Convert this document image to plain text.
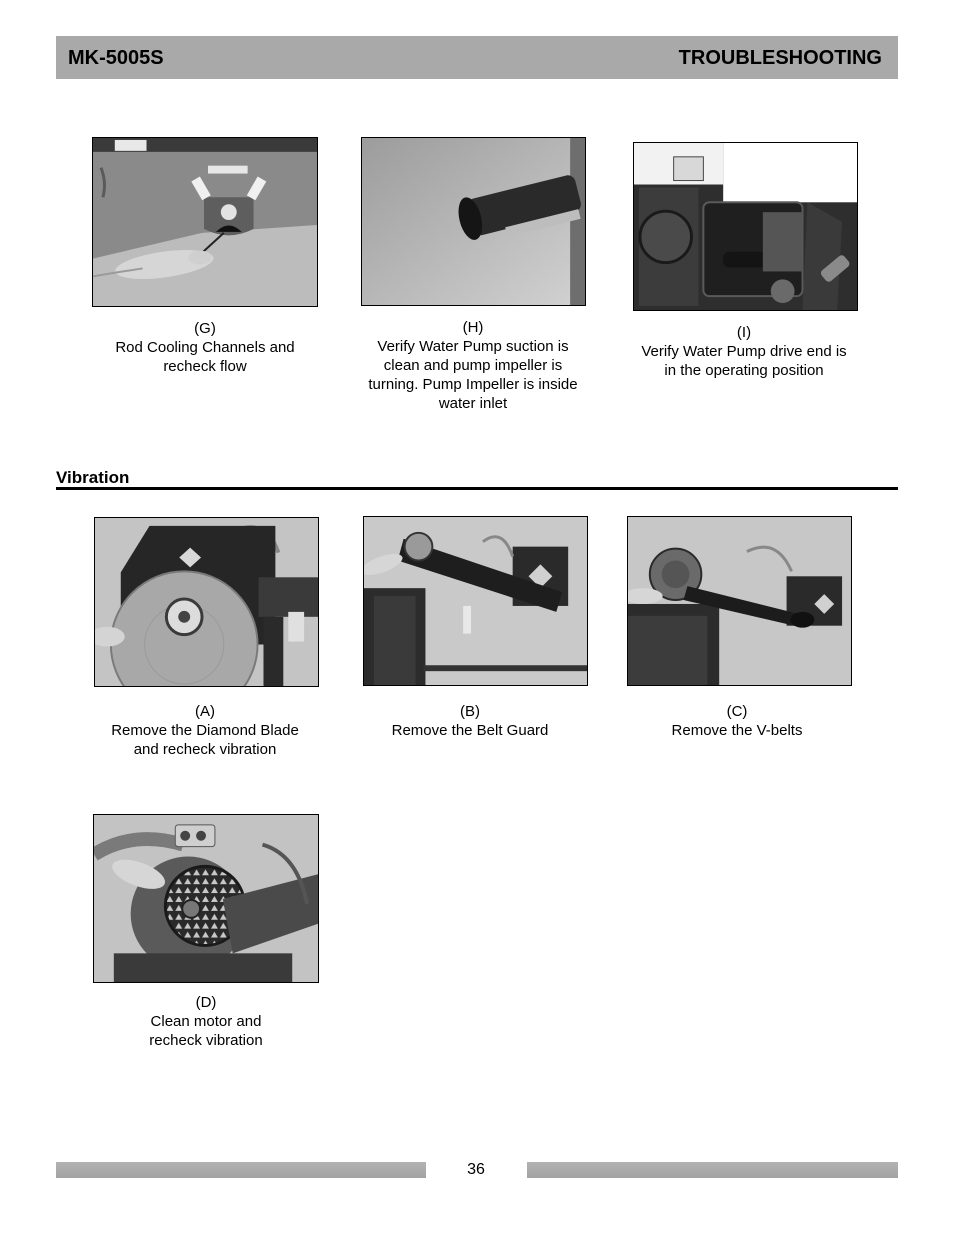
MK-5005S	TROUBLESHOOTING
(G)
Rod Cooling Channels and
recheck flow
(H)
Verify Water Pump suction is
clean and pump impeller is
turning. Pump Impeller is inside
water inlet
(I)
Verify Water Pump drive end is
in the operating position
Vibration
(A)
Remove the Diamond Blade
and recheck vibration
(B)
Remove the Belt Guard
(C)
Remove the V-belts
(D)
Clean motor and
recheck vibration
36
